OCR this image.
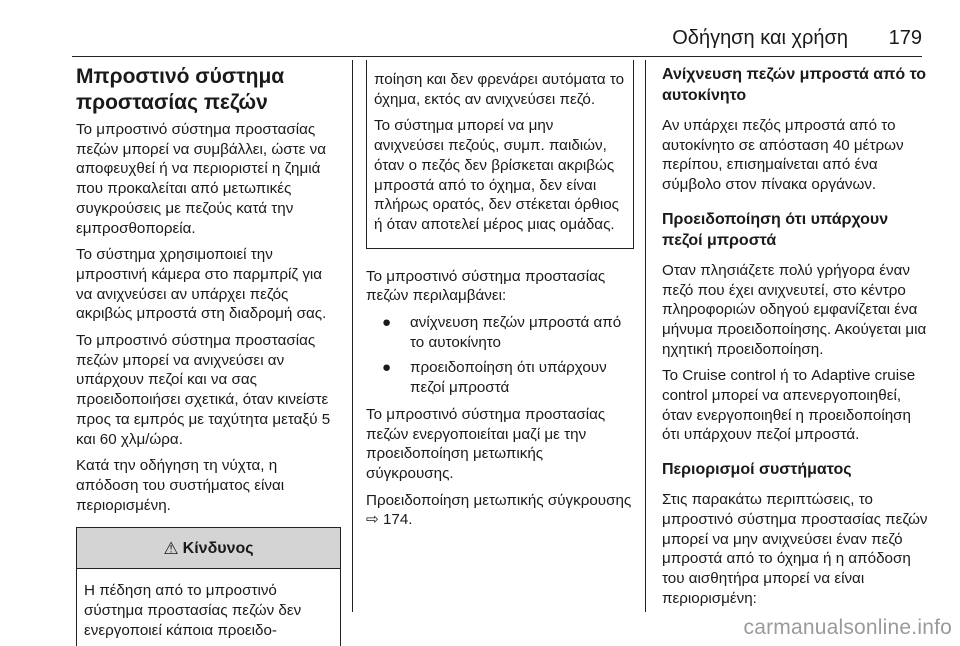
Οδήγηση και χρήση 179
Μπροστινό σύστημα
προστασίας πεζών

Το μπροστινό σύστημα προστασίας πεζών μπορεί να συμβάλλει, ώστε να αποφευχθεί ή να περιοριστεί η ζημιά που προκαλείται από μετωπικές συγκρούσεις με πεζούς κατά την εμπροσθοπορεία.

Το σύστημα χρησιμοποιεί την μπροστινή κάμερα στο παρμπρίζ για να ανιχνεύσει αν υπάρχει πεζός ακριβώς μπροστά στη διαδρομή σας.

Το μπροστινό σύστημα προστασίας πεζών μπορεί να ανιχνεύσει αν υπάρχουν πεζοί και να σας προειδοποιήσει σχετικά, όταν κινείστε προς τα εμπρός με ταχύτητα μεταξύ 5 και 60 χλμ/ώρα.

Κατά την οδήγηση τη νύχτα, η απόδοση του συστήματος είναι περιορισμένη.

⚠ Κίνδυνος

Η πέδηση από το μπροστινό σύστημα προστασίας πεζών δεν ενεργοποιεί κάποια προειδο-

ποίηση και δεν φρενάρει αυτόματα το όχημα, εκτός αν ανιχνεύσει πεζό.

Το σύστημα μπορεί να μην ανιχνεύσει πεζούς, συμπ. παιδιών, όταν ο πεζός δεν βρίσκεται ακριβώς μπροστά από το όχημα, δεν είναι πλήρως ορατός, δεν στέκεται όρθιος ή όταν αποτελεί μέρος μιας ομάδας.

Το μπροστινό σύστημα προστασίας πεζών περιλαμβάνει:

● ανίχνευση πεζών μπροστά από το αυτοκίνητο
● προειδοποίηση ότι υπάρχουν πεζοί μπροστά

Το μπροστινό σύστημα προστασίας πεζών ενεργοποιείται μαζί με την προειδοποίηση μετωπικής σύγκρουσης.

Προειδοποίηση μετωπικής σύγκρουσης ⇨ 174.

Ανίχνευση πεζών μπροστά από το αυτοκίνητο

Αν υπάρχει πεζός μπροστά από το αυτοκίνητο σε απόσταση 40 μέτρων περίπου, επισημαίνεται από ένα σύμβολο στον πίνακα οργάνων.

Προειδοποίηση ότι υπάρχουν πεζοί μπροστά

Οταν πλησιάζετε πολύ γρήγορα έναν πεζό που έχει ανιχνευτεί, στο κέντρο πληροφοριών οδηγού εμφανίζεται ένα μήνυμα προειδοποίησης. Ακούγεται μια ηχητική προειδοποίηση.

Το Cruise control ή το Adaptive cruise control μπορεί να απενεργοποιηθεί, όταν ενεργοποιηθεί η προειδοποίηση ότι υπάρχουν πεζοί μπροστά.

Περιορισμοί συστήματος

Στις παρακάτω περιπτώσεις, το μπροστινό σύστημα προστασίας πεζών μπορεί να μην ανιχνεύσει έναν πεζό μπροστά από το όχημα ή η απόδοση του αισθητήρα μπορεί να είναι περιορισμένη:

carmanualsonline.info
